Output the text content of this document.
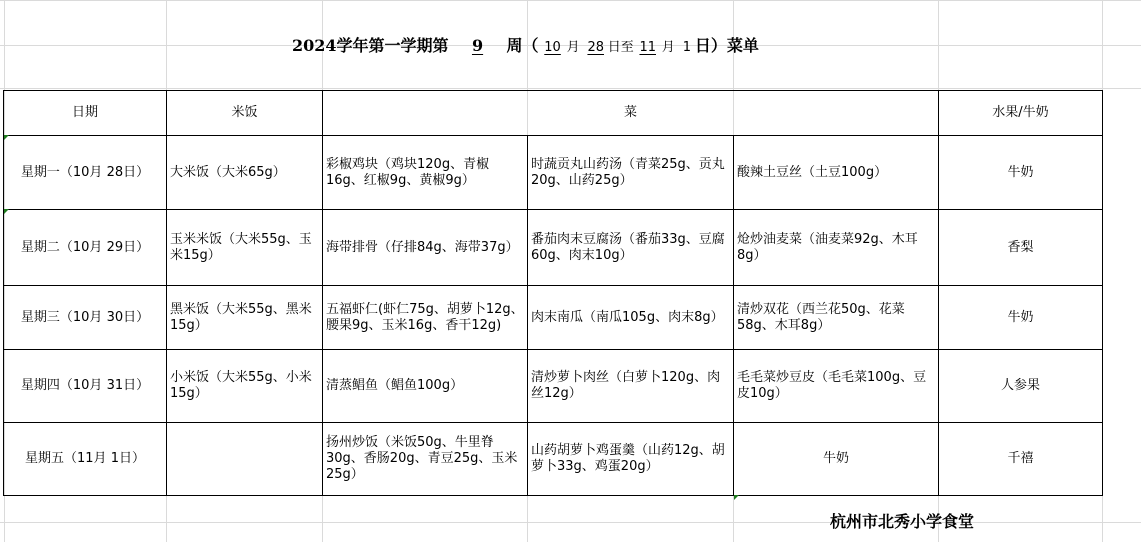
2024学年第一学期第 9 周（ 10 月 28 日至 11 月 1 日）菜单
日期	米饭	菜			水果/牛奶
星期一（10月 28日）	大米饭（大米65g）	彩椒鸡块（鸡块120g、青椒16g、红椒9g、黄椒9g）	时蔬贡丸山药汤（青菜25g、贡丸20g、山药25g）	酸辣土豆丝（土豆100g）	牛奶
星期二（10月 29日）	玉米米饭（大米55g、玉米15g）	海带排骨（仔排84g、海带37g）	番茄肉末豆腐汤（番茄33g、豆腐60g、肉末10g）	炝炒油麦菜（油麦菜92g、木耳8g）	香梨
星期三（10月 30日）	黑米饭（大米55g、黑米15g）	五福虾仁(虾仁75g、胡萝卜12g、腰果9g、玉米16g、香干12g)	肉末南瓜（南瓜105g、肉末8g）	清炒双花（西兰花50g、花菜58g、木耳8g）	牛奶
星期四（10月 31日）	小米饭（大米55g、小米15g）	清蒸鲳鱼（鲳鱼100g）	清炒萝卜肉丝（白萝卜120g、肉丝12g）	毛毛菜炒豆皮（毛毛菜100g、豆皮10g）	人参果
星期五（11月 1日）		扬州炒饭（米饭50g、牛里脊30g、香肠20g、青豆25g、玉米25g）	山药胡萝卜鸡蛋羹（山药12g、胡萝卜33g、鸡蛋20g）	牛奶	千禧
杭州市北秀小学食堂
